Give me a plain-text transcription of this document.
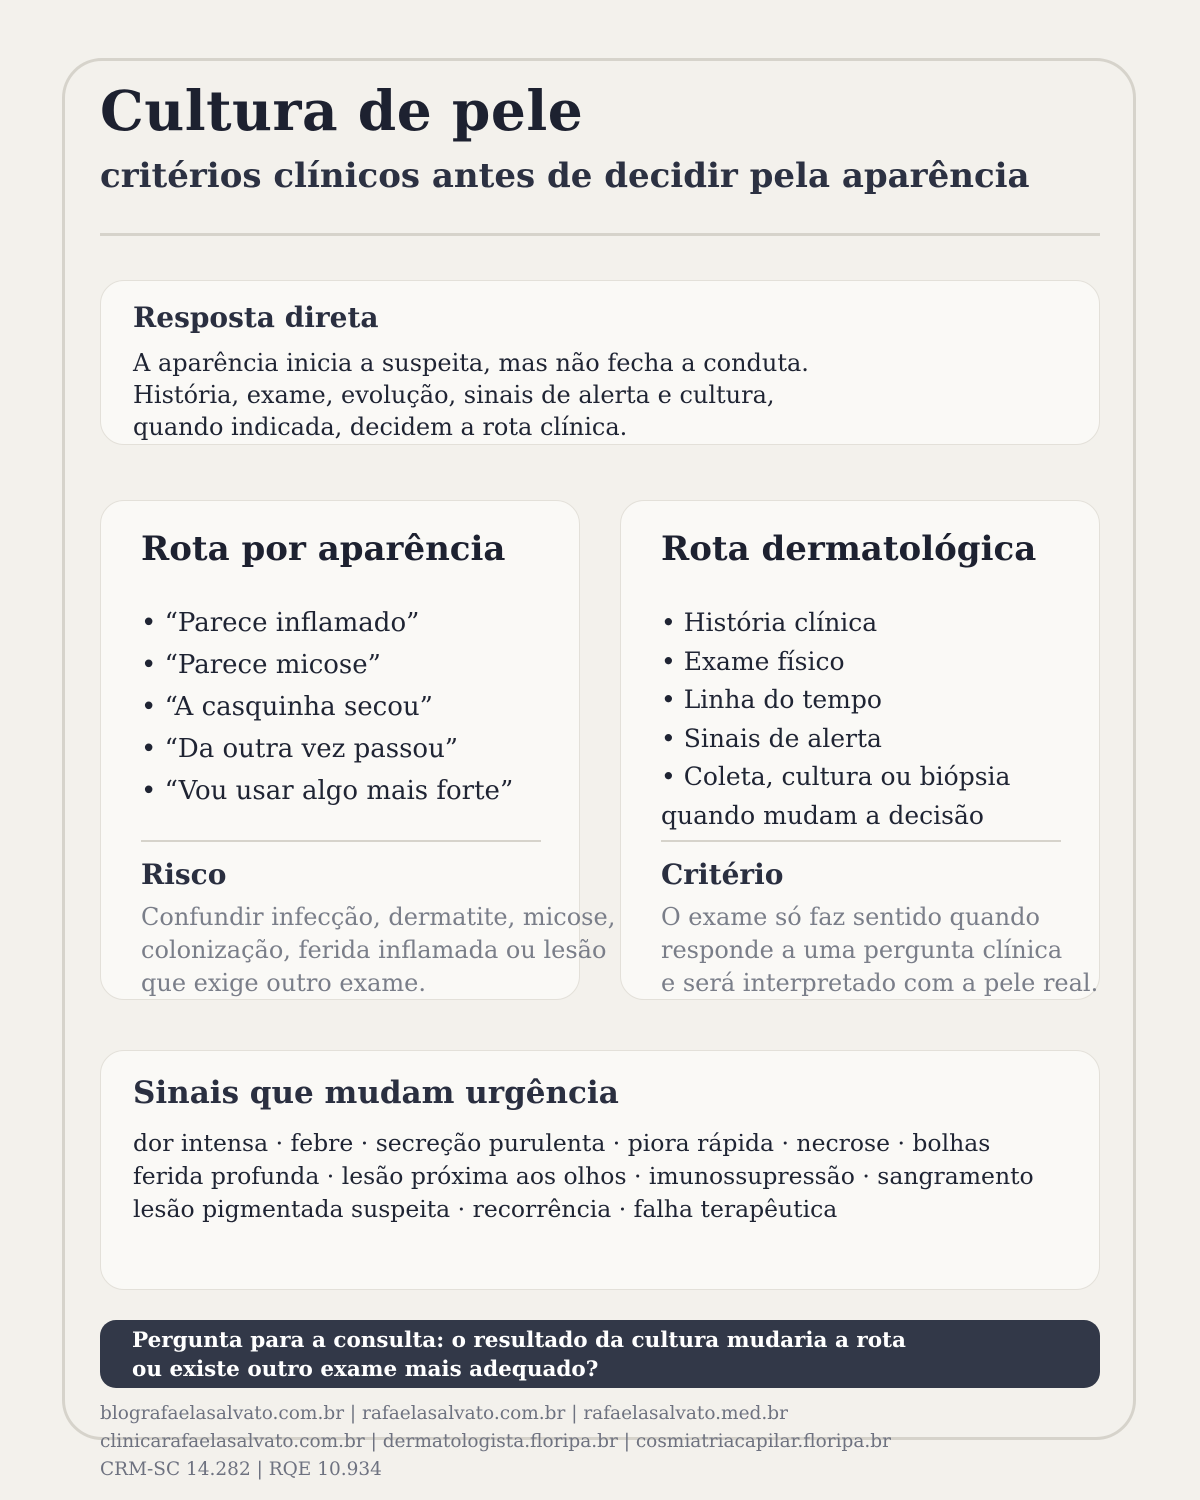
Cultura de pele
critérios clínicos antes de decidir pela aparência
Resposta direta
A aparência inicia a suspeita, mas não fecha a conduta.
História, exame, evolução, sinais de alerta e cultura,
quando indicada, decidem a rota clínica.
Rota por aparência
• “Parece inflamado”
• “Parece micose”
• “A casquinha secou”
• “Da outra vez passou”
• “Vou usar algo mais forte”
Risco
Confundir infecção, dermatite, micose,
colonização, ferida inflamada ou lesão
que exige outro exame.
Rota dermatológica
• História clínica
• Exame físico
• Linha do tempo
• Sinais de alerta
• Coleta, cultura ou biópsia
quando mudam a decisão
Critério
O exame só faz sentido quando
responde a uma pergunta clínica
e será interpretado com a pele real.
Sinais que mudam urgência
dor intensa · febre · secreção purulenta · piora rápida · necrose · bolhas
ferida profunda · lesão próxima aos olhos · imunossupressão · sangramento
lesão pigmentada suspeita · recorrência · falha terapêutica
Pergunta para a consulta: o resultado da cultura mudaria a rota
ou existe outro exame mais adequado?
blografaelasalvato.com.br | rafaelasalvato.com.br | rafaelasalvato.med.br
clinicarafaelasalvato.com.br | dermatologista.floripa.br | cosmiatriacapilar.floripa.br
CRM-SC 14.282 | RQE 10.934
